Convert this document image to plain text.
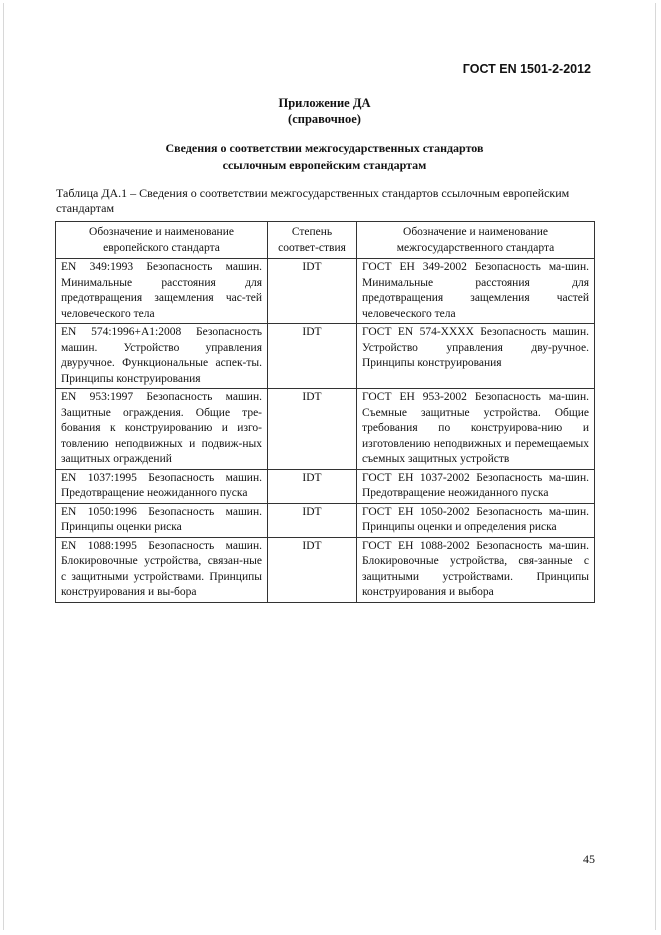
ГОСТ EN 1501-2-2012
Приложение ДА
(справочное)
Сведения о соответствии межгосударственных стандартов
ссылочным европейским стандартам
Таблица ДА.1 – Сведения о соответствии межгосударственных стандартов ссылочным европейским стандартам
Обозначение и наименование европейского стандарта	Степень соответ-ствия	Обозначение и наименование межгосударственного стандарта
EN 349:1993 Безопасность машин. Минимальные расстояния для предотвращения защемления час-тей человеческого тела	IDT	ГОСТ ЕН 349-2002 Безопасность ма-шин. Минимальные расстояния для предотвращения защемления частей человеческого тела
EN 574:1996+A1:2008 Безопасность машин. Устройство управления двуручное. Функциональные аспек-ты. Принципы конструирования	IDT	ГОСТ EN 574-XXXX Безопасность машин. Устройство управления дву-ручное. Принципы конструирования
EN 953:1997 Безопасность машин. Защитные ограждения. Общие тре-бования к конструированию и изго-товлению неподвижных и подвиж-ных защитных ограждений	IDT	ГОСТ ЕН 953-2002 Безопасность ма-шин. Съемные защитные устройства. Общие требования по конструирова-нию и изготовлению неподвижных и перемещаемых съемных защитных устройств
EN 1037:1995 Безопасность машин. Предотвращение неожиданного пуска	IDT	ГОСТ ЕН 1037-2002 Безопасность ма-шин. Предотвращение неожиданного пуска
EN 1050:1996 Безопасность машин. Принципы оценки риска	IDT	ГОСТ ЕН 1050-2002 Безопасность ма-шин. Принципы оценки и определения риска
EN 1088:1995 Безопасность машин. Блокировочные устройства, связан-ные с защитными устройствами. Принципы конструирования и вы-бора	IDT	ГОСТ ЕН 1088-2002 Безопасность ма-шин. Блокировочные устройства, свя-занные с защитными устройствами. Принципы конструирования и выбора
45
